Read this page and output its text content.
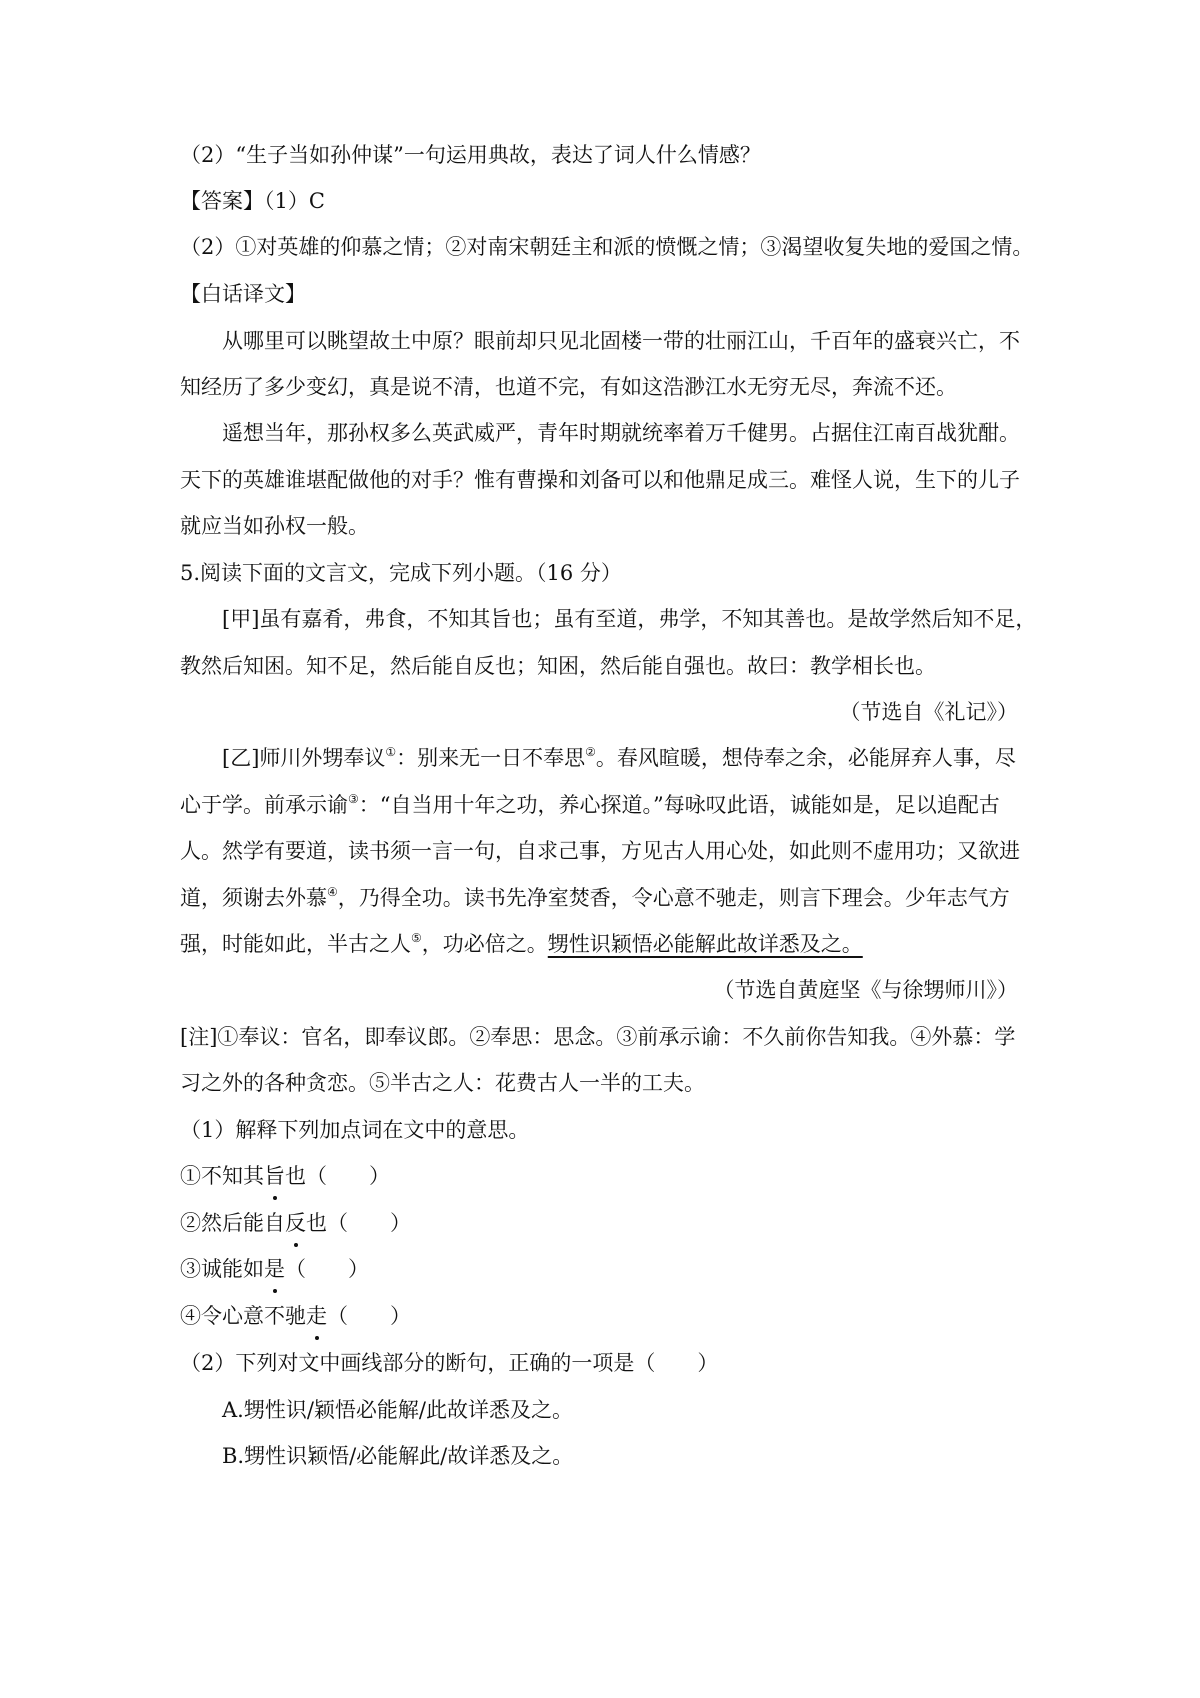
（2）“生子当如孙仲谋”一句运用典故，表达了词人什么情感？
【答案】（1）C
（2）①对英雄的仰慕之情；②对南宋朝廷主和派的愤慨之情；③渴望收复失地的爱国之情。
【白话译文】
从哪里可以眺望故土中原？眼前却只见北固楼一带的壮丽江山，千百年的盛衰兴亡，不
知经历了多少变幻，真是说不清，也道不完，有如这浩渺江水无穷无尽，奔流不还。
遥想当年，那孙权多么英武威严，青年时期就统率着万千健男。占据住江南百战犹酣。
天下的英雄谁堪配做他的对手？惟有曹操和刘备可以和他鼎足成三。难怪人说，生下的儿子
就应当如孙权一般。
5.阅读下面的文言文，完成下列小题。（16 分）
[甲]虽有嘉肴，弗食，不知其旨也；虽有至道，弗学，不知其善也。是故学然后知不足，
教然后知困。知不足，然后能自反也；知困，然后能自强也。故曰：教学相长也。
（节选自《礼记》）
[乙]师川外甥奉议①：别来无一日不奉思②。春风暄暖，想侍奉之余，必能屏弃人事，尽
心于学。前承示谕③：“自当用十年之功，养心探道。”每咏叹此语，诚能如是，足以追配古
人。然学有要道，读书须一言一句，自求己事，方见古人用心处，如此则不虚用功；又欲进
道，须谢去外慕④，乃得全功。读书先净室焚香，令心意不驰走，则言下理会。少年志气方
强，时能如此，半古之人⑤，功必倍之。甥性识颖悟必能解此故详悉及之。
（节选自黄庭坚《与徐甥师川》）
[注]①奉议：官名，即奉议郎。②奉思：思念。③前承示谕：不久前你告知我。④外慕：学
习之外的各种贪恋。⑤半古之人：花费古人一半的工夫。
（1）解释下列加点词在文中的意思。
①不知其旨也（　　）
②然后能自反也（　　）
③诚能如是（　　）
④令心意不驰走（　　）
（2）下列对文中画线部分的断句，正确的一项是（　　）
A.甥性识/颖悟必能解/此故详悉及之。
B.甥性识颖悟/必能解此/故详悉及之。
